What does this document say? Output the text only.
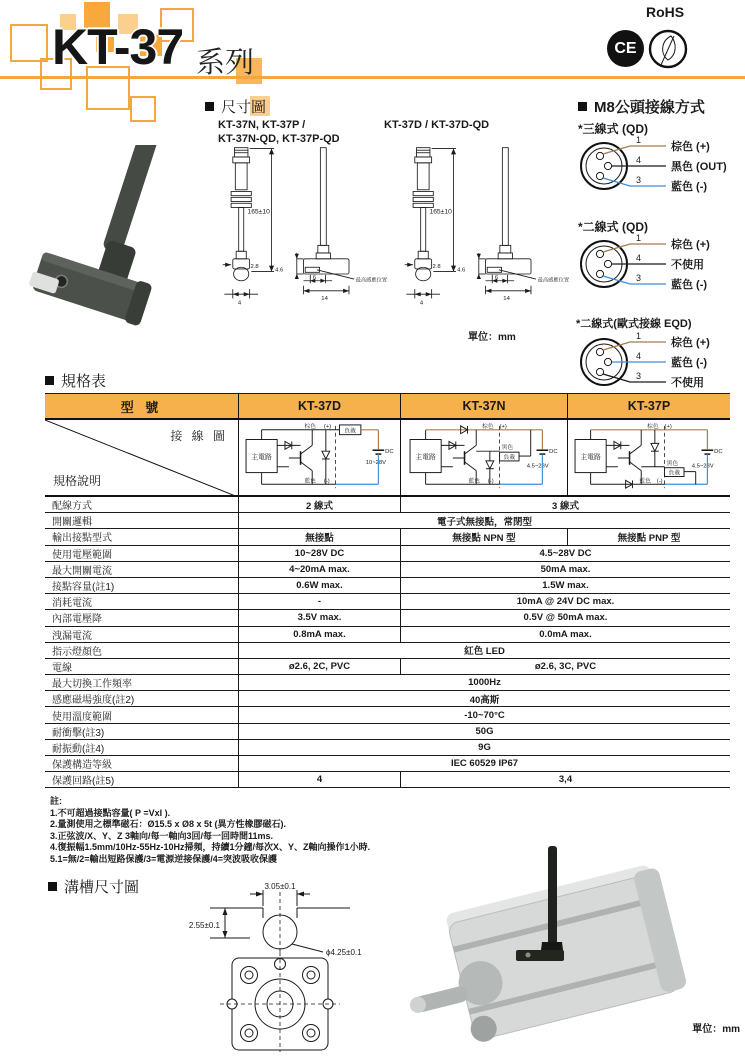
KT-37 系列
RoHS
CE
尺寸圖
KT-37N, KT-37P /
KT-37N-QD, KT-37P-QD
KT-37D / KT-37D-QD
單位：mm
M8公頭接線方式
*三線式 (QD)
1
4
3
棕色 (+)
黑色 (OUT)
藍色 (-)
*二線式 (QD)
1
4
3
棕色 (+)
不使用
藍色 (-)
*二線式(歐式接線 EQD)
1
4
3
棕色 (+)
藍色 (-)
不使用
規格表
型 號	KT-37D	KT-37N	KT-37P
接 線 圖
規格說明
主電路
棕色 (+)
負載
DC
10~28V
藍色 (-)
主電路
棕色 (+)
DC
4.5~28V
藍色 (-)
黑色
負載	主電路
棕色 (+)
DC
4.5~28V
藍色 (-)
黑色
負載
配線方式	2 線式	3 線式
開關邏輯	電子式無接點，常閉型
輸出接點型式	無接點	無接點 NPN 型	無接點 PNP 型
使用電壓範圍	10~28V DC	4.5~28V DC
最大開關電流	4~20mA max.	50mA max.
接點容量(註1)	0.6W max.	1.5W max.
消耗電流	-	10mA @ 24V DC max.
內部電壓降	3.5V max.	0.5V @ 50mA max.
洩漏電流	0.8mA max.	0.0mA max.
指示燈顏色	紅色 LED
電線	ø2.6, 2C, PVC	ø2.6, 3C, PVC
最大切換工作頻率	1000Hz
感應磁場強度(註2)	40高斯
使用溫度範圍	-10~70°C
耐衝擊(註3)	50G
耐振動(註4)	9G
保護構造等級	IEC 60529 IP67
保護回路(註5)	4	3,4
註:
1.不可超過接點容量( P =VxI ).
2.量測使用之標準磁石：Ø15.5 x Ø8 x 5t (異方性橡膠磁石).
3.正弦波/X、Y、Z 3軸向/每一軸向3回/每一回時間11ms.
4.復振幅1.5mm/10Hz-55Hz-10Hz掃頻，持續1分鐘/每次X、Y、Z軸向操作1小時.
5.1=無/2=輸出短路保護/3=電源逆接保護/4=突波吸收保護
溝槽尺寸圖	3.05±0.1
2.55±0.1
ϕ4.25±0.1
單位：mm
